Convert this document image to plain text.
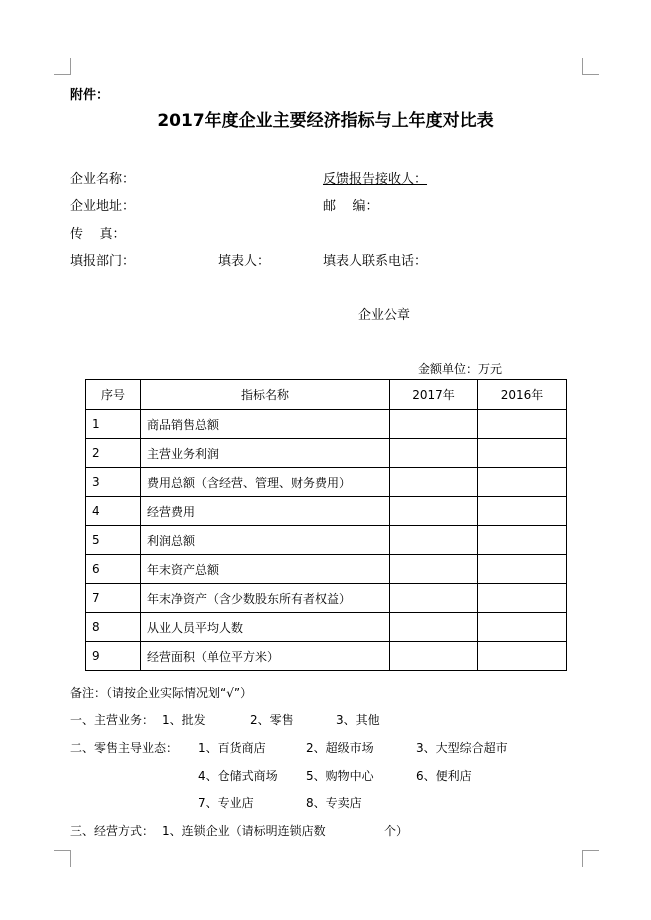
附件：
2017年度企业主要经济指标与上年度对比表
企业名称：	反馈报告接收人：
企业地址：	邮    编：
传    真：
填报部门：	填表人：	填表人联系电话：
企业公章
金额单位：万元
序号	指标名称	2017年	2016年
1	商品销售总额		
2	主营业务利润		
3	费用总额（含经营、管理、财务费用）		
4	经营费用		
5	利润总额		
6	年末资产总额		
7	年末净资产（含少数股东所有者权益）		
8	从业人员平均人数		
9	经营面积（单位平方米）		
备注：（请按企业实际情况划“√”）
一、主营业务： 1、批发	2、零售	3、其他
二、零售主导业态： 1、百货商店	2、超级市场	3、大型综合超市
4、仓储式商场 5、购物中心	6、便利店
7、专业店	8、专卖店
三、经营方式： 1、连锁企业（请标明连锁店数	个）
